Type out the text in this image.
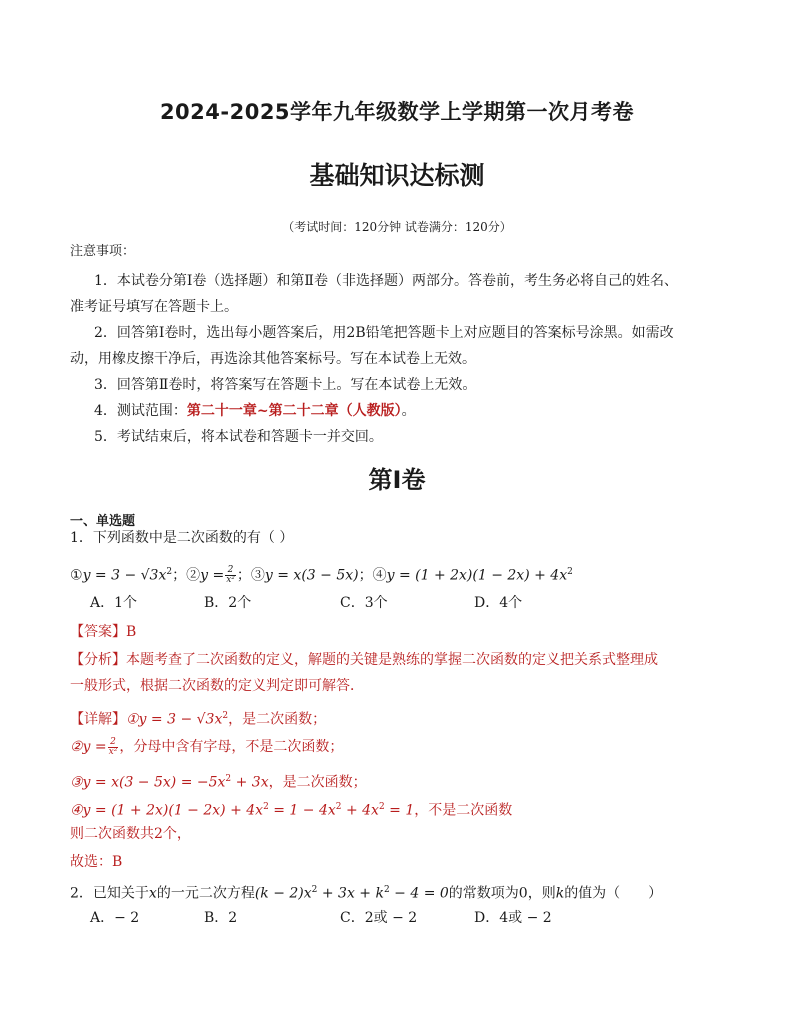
2024-2025学年九年级数学上学期第一次月考卷
基础知识达标测
（考试时间：120分钟 试卷满分：120分）
注意事项：
1．本试卷分第Ⅰ卷（选择题）和第Ⅱ卷（非选择题）两部分。答卷前，考生务必将自己的姓名、
准考证号填写在答题卡上。
2．回答第Ⅰ卷时，选出每小题答案后，用2B铅笔把答题卡上对应题目的答案标号涂黑。如需改
动，用橡皮擦干净后，再选涂其他答案标号。写在本试卷上无效。
3．回答第Ⅱ卷时，将答案写在答题卡上。写在本试卷上无效。
4．测试范围：第二十一章~第二十二章（人教版）。
5．考试结束后，将本试卷和答题卡一并交回。
第Ⅰ卷
一、单选题
1．下列函数中是二次函数的有（ ）
①y = $3 - √3x^2$；②y = $\frac{2}{\text{x²}}$ ；③y = x(3 − 5x)；④y = $(1 + 2x)(1 - 2x) + 4x^2$
A．1个	B．2个	C．3个	D．4个
【答案】B
【分析】本题考查了二次函数的定义，解题的关键是熟练的掌握二次函数的定义把关系式整理成
一般形式，根据二次函数的定义判定即可解答．
【详解】①y = $3 - √3x^2$，是二次函数；
②y = $\frac{2}{\text{x²}}$ ，分母中含有字母，不是二次函数；
③y = $x(3 - 5x) = -5x^2 + 3x$，是二次函数；
④y = $(1 + 2x)(1 - 2x) + 4x^2 = 1 - 4x^2 + 4x^2 = 1$，不是二次函数
则二次函数共2个，
故选：B
2．已知关于x的一元二次方程$(k - 2)x^2 + 3x + k^2 - 4 = 0$的常数项为0，则k的值为（　　）
A．− 2	B．2	C．2或 − 2	D．4或 − 2
